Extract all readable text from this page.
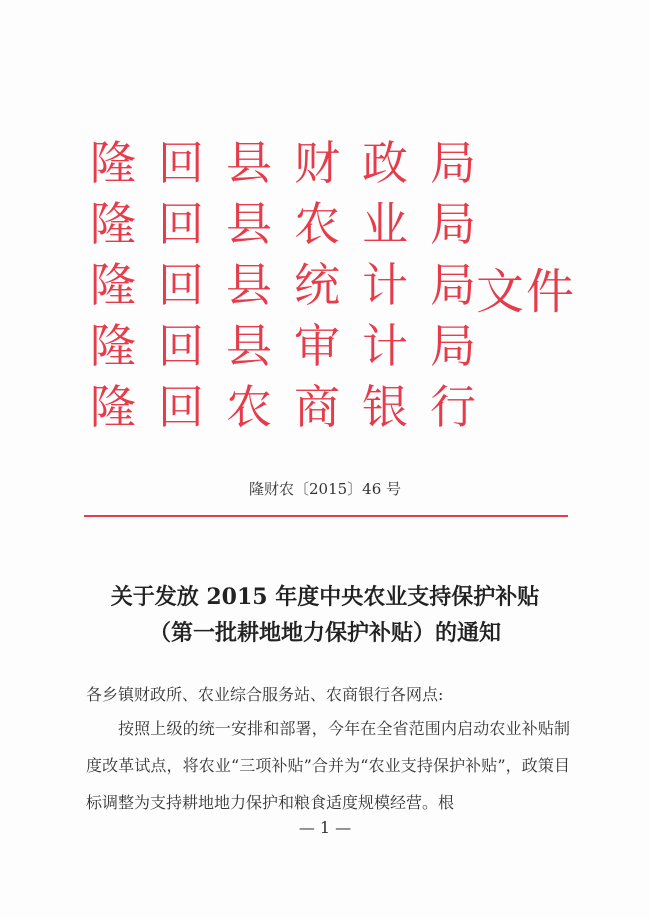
隆 回 县 财 政 局
隆 回 县 农 业 局
隆 回 县 统 计 局
隆 回 县 审 计 局
隆 回 农 商 银 行
文件
隆财农〔2015〕46 号
关于发放 2015 年度中央农业支持保护补贴
（第一批耕地地力保护补贴）的通知
各乡镇财政所、农业综合服务站、农商银行各网点:
按照上级的统一安排和部署，今年在全省范围内启动农业补贴制度改革试点，将农业“三项补贴”合并为“农业支持保护补贴”，政策目标调整为支持耕地地力保护和粮食适度规模经营。根
— 1 —
